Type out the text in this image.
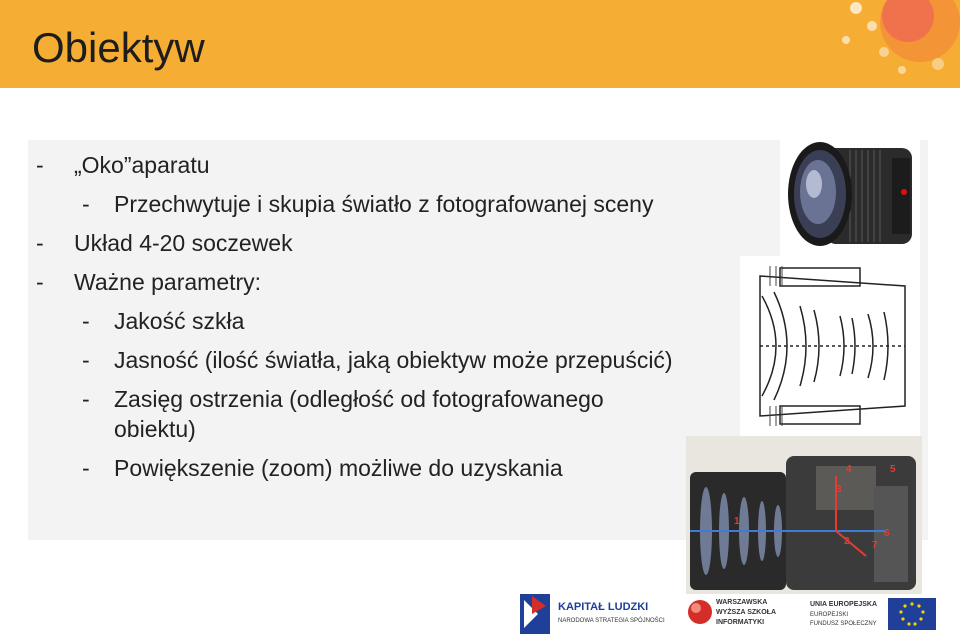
Obiektyw
- „Oko”aparatu
- Przechwytuje i skupia światło z fotografowanej sceny
- Układ 4-20 soczewek
- Ważne parametry:
- Jakość szkła
- Jasność (ilość światła, jaką obiektyw może przepuścić)
- Zasięg ostrzenia (odległość od fotografowanego obiektu)
- Powiększenie (zoom) możliwe do uzyskania
1
2
3
4	5
6
7
KAPITAŁ LUDZKI
NARODOWA STRATEGIA SPÓJNOŚCI
WARSZAWSKA
WYŻSZA SZKOŁA
INFORMATYKI
UNIA EUROPEJSKA
EUROPEJSKI
FUNDUSZ SPOŁECZNY
